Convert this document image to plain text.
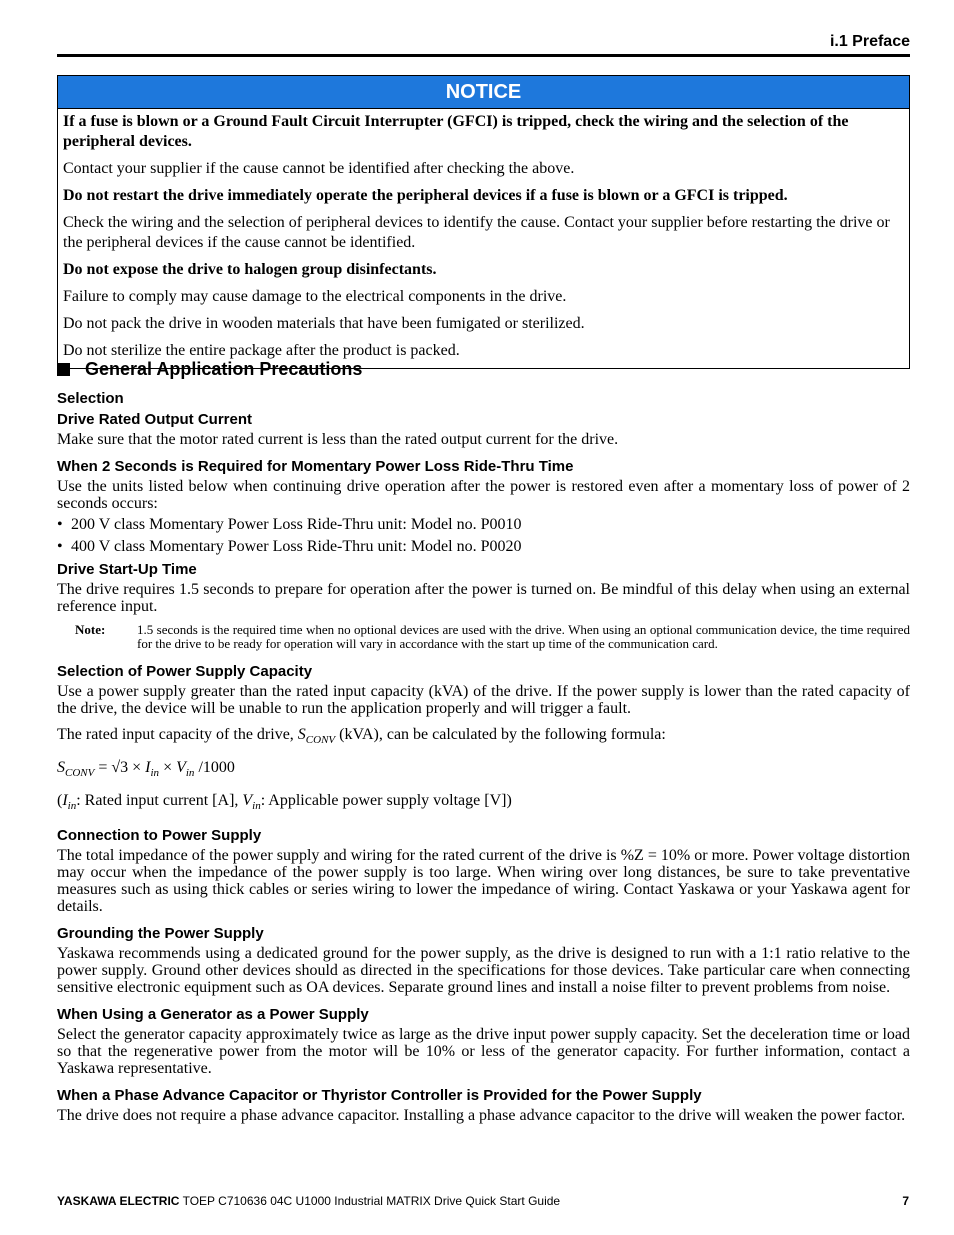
i.1 Preface
NOTICE

If a fuse is blown or a Ground Fault Circuit Interrupter (GFCI) is tripped, check the wiring and the selection of the peripheral devices.

Contact your supplier if the cause cannot be identified after checking the above.

Do not restart the drive immediately operate the peripheral devices if a fuse is blown or a GFCI is tripped.

Check the wiring and the selection of peripheral devices to identify the cause. Contact your supplier before restarting the drive or the peripheral devices if the cause cannot be identified.

Do not expose the drive to halogen group disinfectants.

Failure to comply may cause damage to the electrical components in the drive.

Do not pack the drive in wooden materials that have been fumigated or sterilized.

Do not sterilize the entire package after the product is packed.

General Application Precautions
Selection
Drive Rated Output Current

Make sure that the motor rated current is less than the rated output current for the drive.

When 2 Seconds is Required for Momentary Power Loss Ride-Thru Time

Use the units listed below when continuing drive operation after the power is restored even after a momentary loss of power of 2 seconds occurs:

• 200 V class Momentary Power Loss Ride-Thru unit: Model no. P0010
• 400 V class Momentary Power Loss Ride-Thru unit: Model no. P0020
Drive Start-Up Time

The drive requires 1.5 seconds to prepare for operation after the power is turned on. Be mindful of this delay when using an external reference input.

Note:	1.5 seconds is the required time when no optional devices are used with the drive. When using an optional communication device, the time required for the drive to be ready for operation will vary in accordance with the start up time of the communication card.
Selection of Power Supply Capacity

Use a power supply greater than the rated input capacity (kVA) of the drive. If the power supply is lower than the rated capacity of the drive, the device will be unable to run the application properly and will trigger a fault.

The rated input capacity of the drive, $S_{CONV}$ (kVA), can be calculated by the following formula:

$S_{CONV} = √3 \times I_{in} \times V_{in}$ /1000

($I_{in}$: Rated input current [A], $V_{in}$: Applicable power supply voltage [V])

Connection to Power Supply

The total impedance of the power supply and wiring for the rated current of the drive is %Z = 10% or more. Power voltage distortion may occur when the impedance of the power supply is too large. When wiring over long distances, be sure to take preventative measures such as using thick cables or series wiring to lower the impedance of wiring. Contact Yaskawa or your Yaskawa agent for details.

Grounding the Power Supply

Yaskawa recommends using a dedicated ground for the power supply, as the drive is designed to run with a 1:1 ratio relative to the power supply. Ground other devices should as directed in the specifications for those devices. Take particular care when connecting sensitive electronic equipment such as OA devices. Separate ground lines and install a noise filter to prevent problems from noise.

When Using a Generator as a Power Supply

Select the generator capacity approximately twice as large as the drive input power supply capacity. Set the deceleration time or load so that the regenerative power from the motor will be 10% or less of the generator capacity. For further information, contact a Yaskawa representative.

When a Phase Advance Capacitor or Thyristor Controller is Provided for the Power Supply

The drive does not require a phase advance capacitor. Installing a phase advance capacitor to the drive will weaken the power factor.

YASKAWA ELECTRIC TOEP C710636 04C U1000 Industrial MATRIX Drive Quick Start Guide	7
